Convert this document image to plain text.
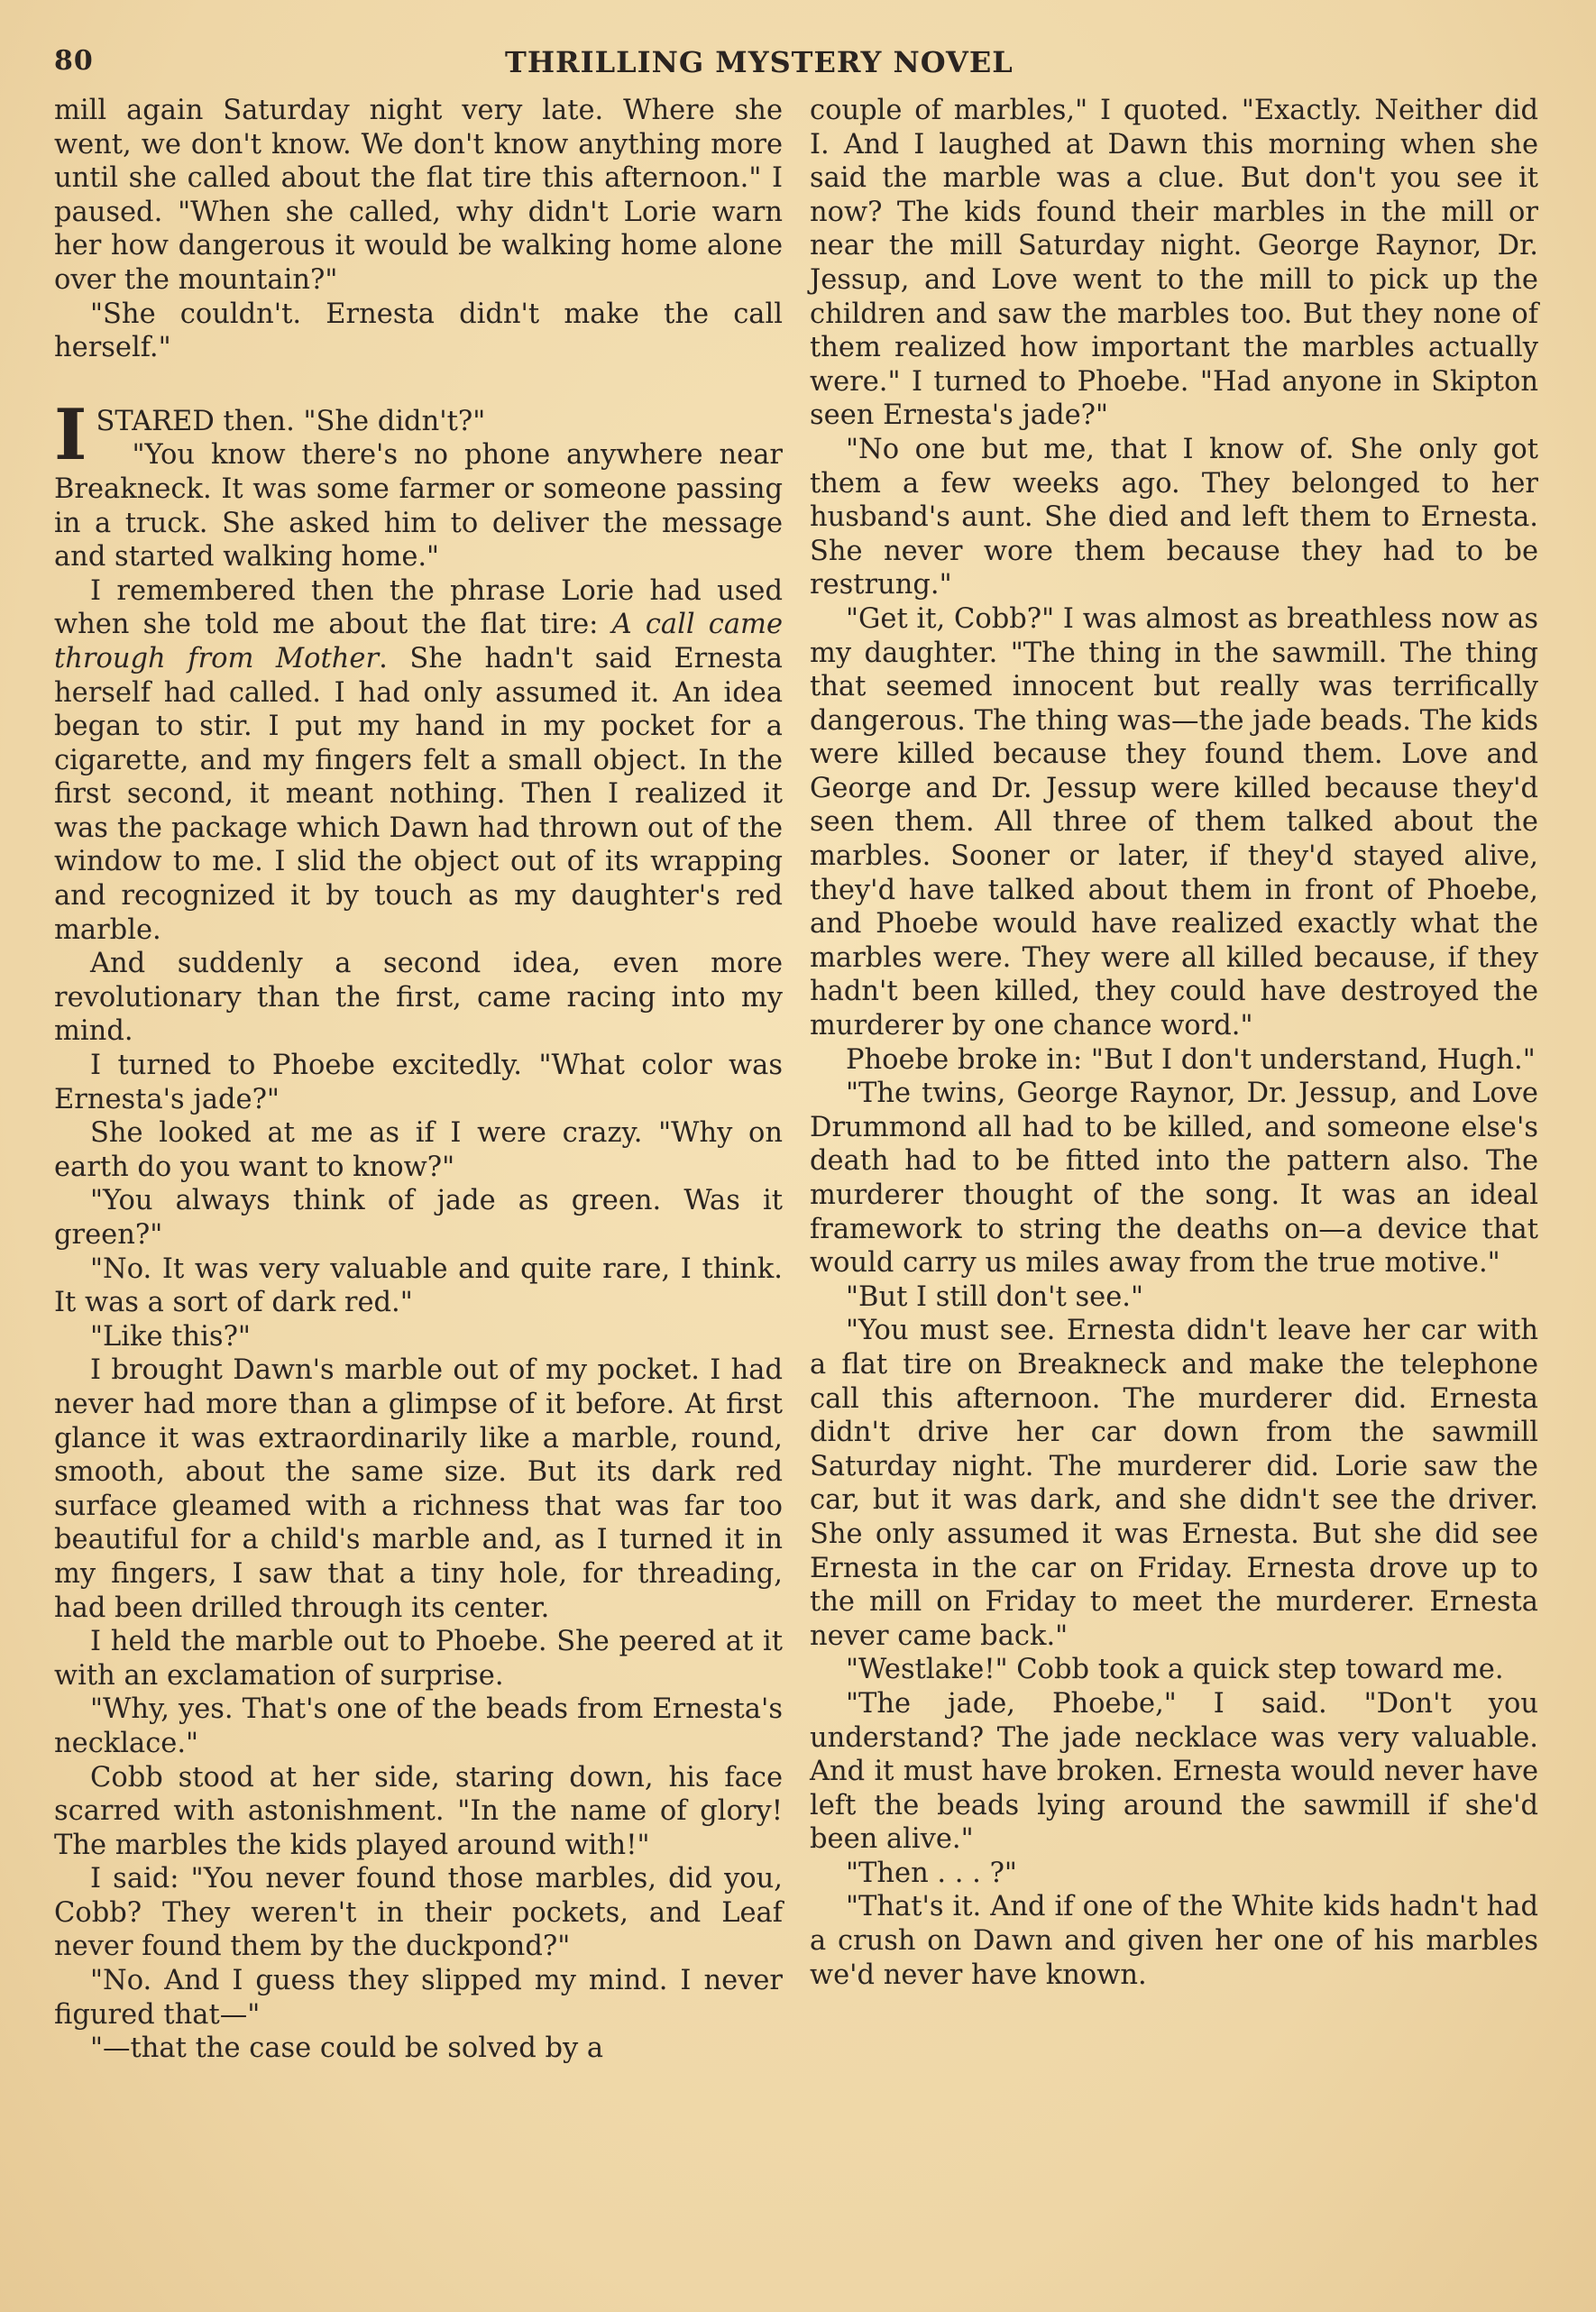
80	THRILLING MYSTERY NOVEL

mill again Saturday night very late. Where she went, we don't know. We don't know anything more until she called about the flat tire this afternoon." I paused. "When she called, why didn't Lorie warn her how dangerous it would be walking home alone over the mountain?"

"She couldn't. Ernesta didn't make the call herself."

ISTARED then. "She didn't?"

"You know there's no phone anywhere near Breakneck. It was some farmer or someone passing in a truck. She asked him to deliver the message and started walking home."

I remembered then the phrase Lorie had used when she told me about the flat tire: A call came through from Mother. She hadn't said Ernesta herself had called. I had only assumed it. An idea began to stir. I put my hand in my pocket for a cigarette, and my fingers felt a small object. In the first second, it meant nothing. Then I realized it was the package which Dawn had thrown out of the window to me. I slid the object out of its wrapping and recognized it by touch as my daughter's red marble.

And suddenly a second idea, even more revolutionary than the first, came racing into my mind.

I turned to Phoebe excitedly. "What color was Ernesta's jade?"

She looked at me as if I were crazy. "Why on earth do you want to know?"

"You always think of jade as green. Was it green?"

"No. It was very valuable and quite rare, I think. It was a sort of dark red."

"Like this?"

I brought Dawn's marble out of my pocket. I had never had more than a glimpse of it before. At first glance it was extraordinarily like a marble, round, smooth, about the same size. But its dark red surface gleamed with a richness that was far too beautiful for a child's marble and, as I turned it in my fingers, I saw that a tiny hole, for threading, had been drilled through its center.

I held the marble out to Phoebe. She peered at it with an exclamation of surprise.

"Why, yes. That's one of the beads from Ernesta's necklace."

Cobb stood at her side, staring down, his face scarred with astonishment. "In the name of glory! The marbles the kids played around with!"

I said: "You never found those marbles, did you, Cobb? They weren't in their pockets, and Leaf never found them by the duckpond?"

"No. And I guess they slipped my mind. I never figured that—"

"—that the case could be solved by a

couple of marbles," I quoted. "Exactly. Neither did I. And I laughed at Dawn this morning when she said the marble was a clue. But don't you see it now? The kids found their marbles in the mill or near the mill Saturday night. George Raynor, Dr. Jessup, and Love went to the mill to pick up the children and saw the marbles too. But they none of them realized how important the marbles actually were." I turned to Phoebe. "Had anyone in Skipton seen Ernesta's jade?"

"No one but me, that I know of. She only got them a few weeks ago. They belonged to her husband's aunt. She died and left them to Ernesta. She never wore them because they had to be restrung."

"Get it, Cobb?" I was almost as breathless now as my daughter. "The thing in the sawmill. The thing that seemed innocent but really was terrifically dangerous. The thing was—the jade beads. The kids were killed because they found them. Love and George and Dr. Jessup were killed because they'd seen them. All three of them talked about the marbles. Sooner or later, if they'd stayed alive, they'd have talked about them in front of Phoebe, and Phoebe would have realized exactly what the marbles were. They were all killed because, if they hadn't been killed, they could have destroyed the murderer by one chance word."

Phoebe broke in: "But I don't understand, Hugh."

"The twins, George Raynor, Dr. Jessup, and Love Drummond all had to be killed, and someone else's death had to be fitted into the pattern also. The murderer thought of the song. It was an ideal framework to string the deaths on—a device that would carry us miles away from the true motive."

"But I still don't see."

"You must see. Ernesta didn't leave her car with a flat tire on Breakneck and make the telephone call this afternoon. The murderer did. Ernesta didn't drive her car down from the sawmill Saturday night. The murderer did. Lorie saw the car, but it was dark, and she didn't see the driver. She only assumed it was Ernesta. But she did see Ernesta in the car on Friday. Ernesta drove up to the mill on Friday to meet the murderer. Ernesta never came back."

"Westlake!" Cobb took a quick step toward me.

"The jade, Phoebe," I said. "Don't you understand? The jade necklace was very valuable. And it must have broken. Ernesta would never have left the beads lying around the sawmill if she'd been alive."

"Then . . . ?"

"That's it. And if one of the White kids hadn't had a crush on Dawn and given her one of his marbles we'd never have known.
